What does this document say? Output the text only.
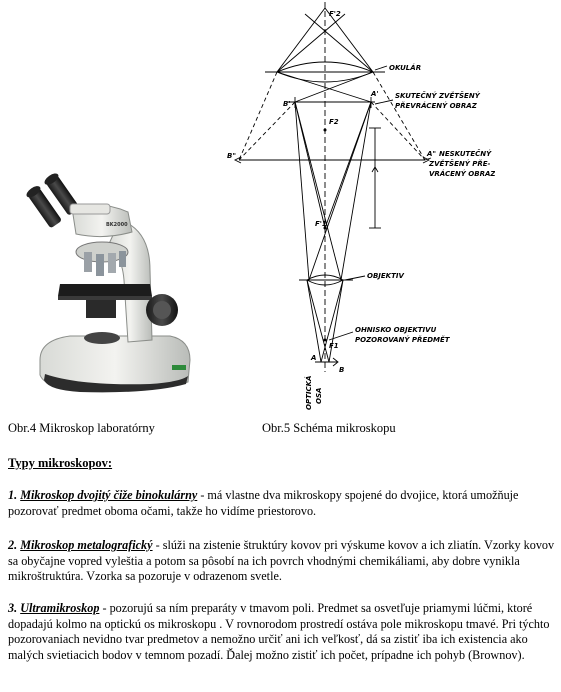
BK2000
F'2
OKULÁR
B'
A' SKUTEČNÝ ZVĚTŠENÝ
PŘEVRÁCENÝ OBRAZ
F2
B"	A" NESKUTEČNÝ
ZVĚTŠENÝ PŘE-
VRÁCENÝ OBRAZ
F'1
OBJEKTIV
OHNISKO OBJEKTIVU
POZOROVANÝ PŘEDMĚT
F1
A
B
OPTICKÁ OSA
Obr.4 Mikroskop laboratórny	Obr.5 Schéma mikroskopu
Typy mikroskopov:
1. Mikroskop dvojitý čiže binokulárny - má vlastne dva mikroskopy spojené do dvojice, ktorá umožňuje pozorovať predmet oboma očami, takže ho vidíme priestorovo.
2. Mikroskop metalografický - slúži na zistenie štruktúry kovov pri výskume kovov a ich zliatín. Vzorky kovov sa obyčajne vopred vyleštia a potom sa pôsobí na ich povrch vhodnými chemikáliami, aby dobre vynikla mikroštruktúra. Vzorka sa pozoruje v odrazenom svetle.
3. Ultramikroskop - pozorujú sa ním preparáty v tmavom poli. Predmet sa osvetľuje priamymi lúčmi, ktoré dopadajú kolmo na optickú os mikroskopu . V rovnorodom prostredí ostáva pole mikroskopu tmavé. Pri týchto pozorovaniach nevidno tvar predmetov a nemožno určiť ani ich veľkosť, dá sa zistiť iba ich existencia ako malých svietiacich bodov v temnom pozadí. Ďalej možno zistiť ich počet, prípadne ich pohyb (Brownov).
